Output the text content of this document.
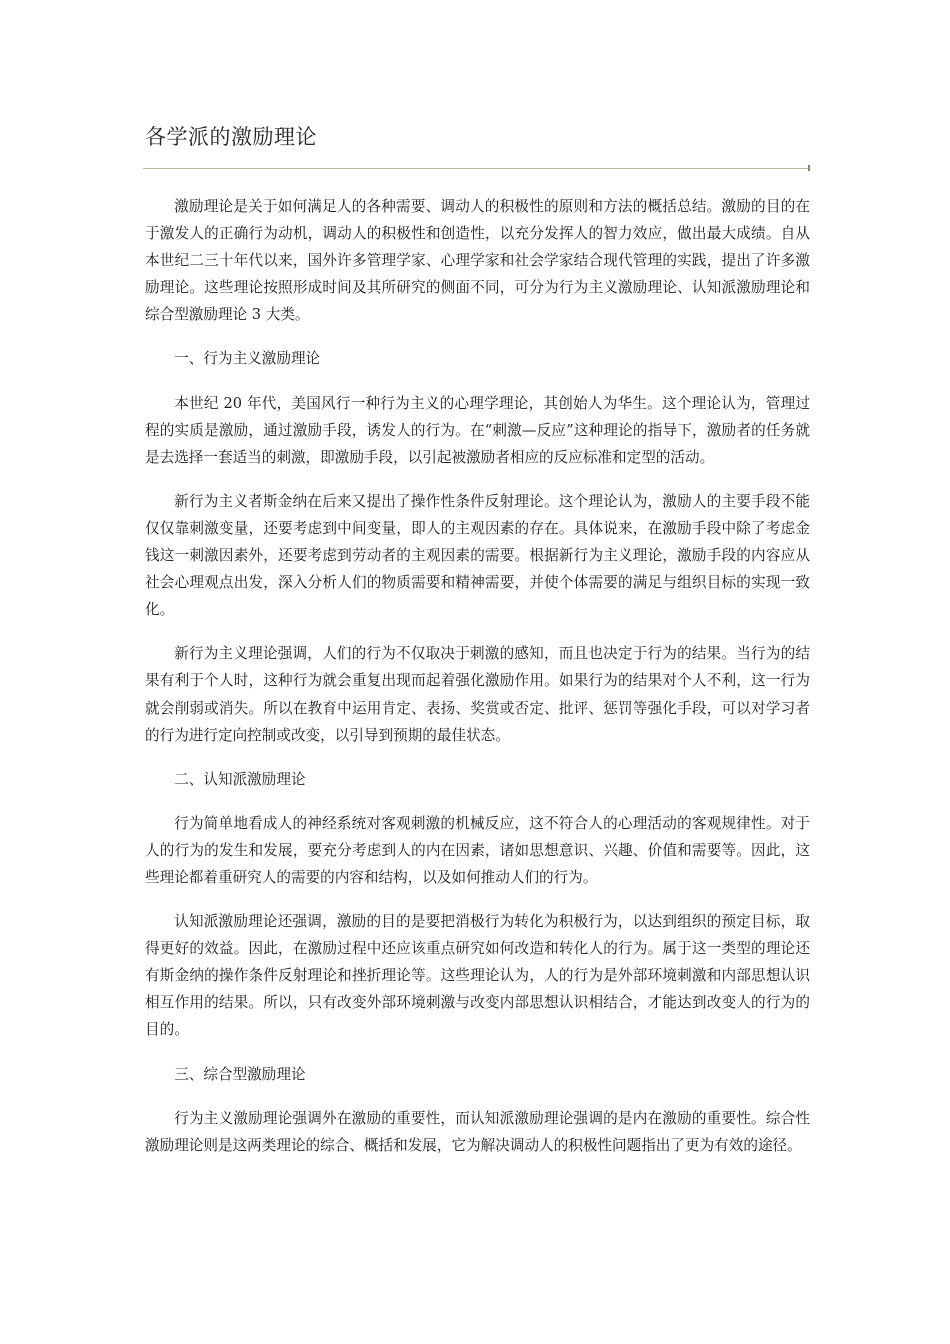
各学派的激励理论

激励理论是关于如何满足人的各种需要、调动人的积极性的原则和方法的概括总结。激励的目的在于激发人的正确行为动机，调动人的积极性和创造性，以充分发挥人的智力效应，做出最大成绩。自从本世纪二三十年代以来，国外许多管理学家、心理学家和社会学家结合现代管理的实践，提出了许多激励理论。这些理论按照形成时间及其所研究的侧面不同，可分为行为主义激励理论、认知派激励理论和综合型激励理论 3 大类。

一、行为主义激励理论

本世纪 20 年代，美国风行一种行为主义的心理学理论，其创始人为华生。这个理论认为，管理过程的实质是激励，通过激励手段，诱发人的行为。在“刺激—反应”这种理论的指导下，激励者的任务就是去选择一套适当的刺激，即激励手段，以引起被激励者相应的反应标准和定型的活动。

新行为主义者斯金纳在后来又提出了操作性条件反射理论。这个理论认为，激励人的主要手段不能仅仅靠刺激变量，还要考虑到中间变量，即人的主观因素的存在。具体说来，在激励手段中除了考虑金钱这一刺激因素外，还要考虑到劳动者的主观因素的需要。根据新行为主义理论，激励手段的内容应从社会心理观点出发，深入分析人们的物质需要和精神需要，并使个体需要的满足与组织目标的实现一致化。

新行为主义理论强调，人们的行为不仅取决于刺激的感知，而且也决定于行为的结果。当行为的结果有利于个人时，这种行为就会重复出现而起着强化激励作用。如果行为的结果对个人不利，这一行为就会削弱或消失。所以在教育中运用肯定、表扬、奖赏或否定、批评、惩罚等强化手段，可以对学习者的行为进行定向控制或改变，以引导到预期的最佳状态。

二、认知派激励理论

行为简单地看成人的神经系统对客观刺激的机械反应，这不符合人的心理活动的客观规律性。对于人的行为的发生和发展，要充分考虑到人的内在因素，诸如思想意识、兴趣、价值和需要等。因此，这些理论都着重研究人的需要的内容和结构，以及如何推动人们的行为。

认知派激励理论还强调，激励的目的是要把消极行为转化为积极行为，以达到组织的预定目标，取得更好的效益。因此，在激励过程中还应该重点研究如何改造和转化人的行为。属于这一类型的理论还有斯金纳的操作条件反射理论和挫折理论等。这些理论认为，人的行为是外部环境刺激和内部思想认识相互作用的结果。所以，只有改变外部环境刺激与改变内部思想认识相结合，才能达到改变人的行为的目的。

三、综合型激励理论

行为主义激励理论强调外在激励的重要性，而认知派激励理论强调的是内在激励的重要性。综合性激励理论则是这两类理论的综合、概括和发展，它为解决调动人的积极性问题指出了更为有效的途径。
